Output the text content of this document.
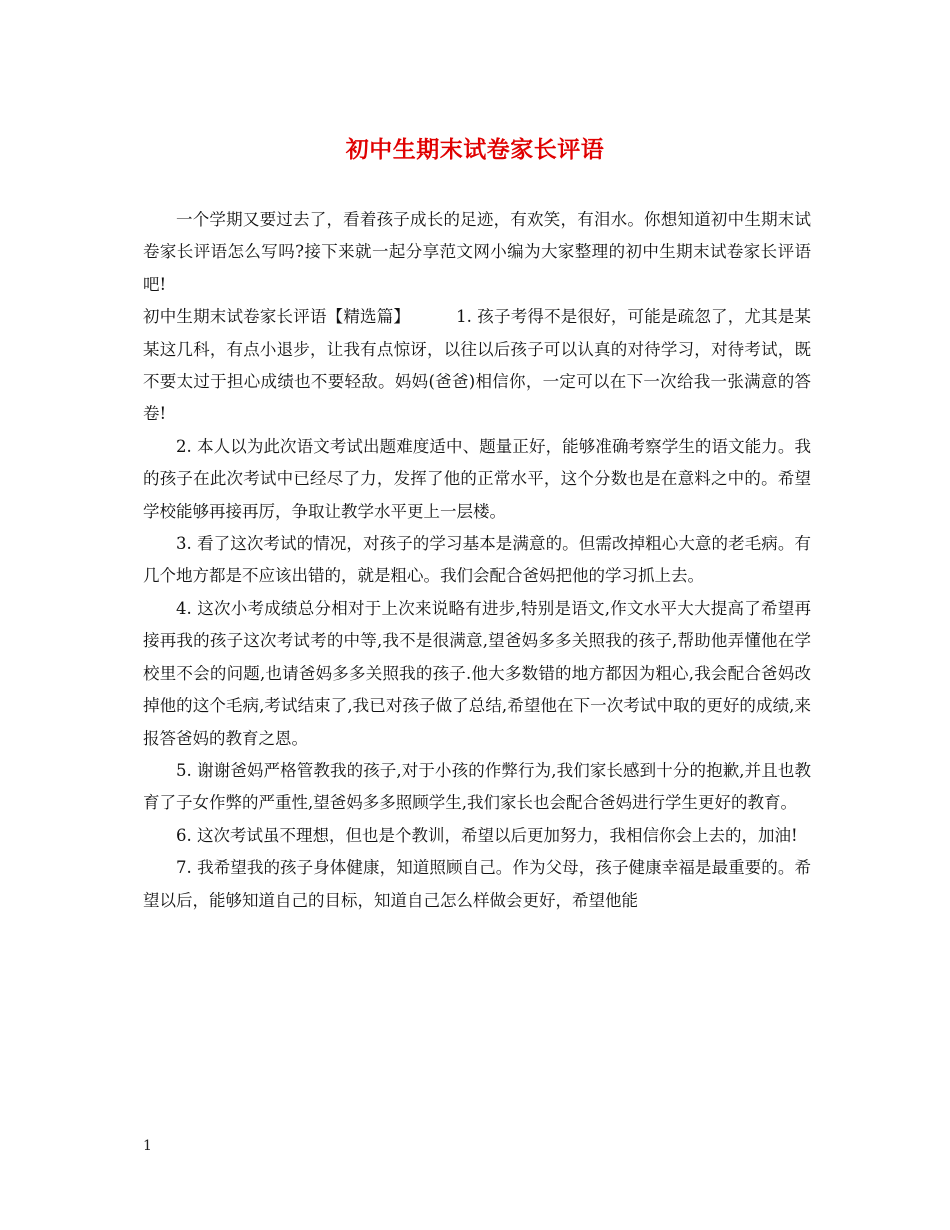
初中生期末试卷家长评语

一个学期又要过去了，看着孩子成长的足迹，有欢笑，有泪水。你想知道初中生期末试卷家长评语怎么写吗?接下来就一起分享范文网小编为大家整理的初中生期末试卷家长评语吧!

初中生期末试卷家长评语【精选篇】	1. 孩子考得不是很好，可能是疏忽了，尤其是某某这几科，有点小退步，让我有点惊讶，以往以后孩子可以认真的对待学习，对待考试，既不要太过于担心成绩也不要轻敌。妈妈(爸爸)相信你，一定可以在下一次给我一张满意的答卷!

2. 本人以为此次语文考试出题难度适中、题量正好，能够准确考察学生的语文能力。我的孩子在此次考试中已经尽了力，发挥了他的正常水平，这个分数也是在意料之中的。希望学校能够再接再厉，争取让教学水平更上一层楼。

3. 看了这次考试的情况，对孩子的学习基本是满意的。但需改掉粗心大意的老毛病。有几个地方都是不应该出错的，就是粗心。我们会配合爸妈把他的学习抓上去。

4. 这次小考成绩总分相对于上次来说略有进步,特别是语文,作文水平大大提高了希望再接再我的孩子这次考试考的中等,我不是很满意,望爸妈多多关照我的孩子,帮助他弄懂他在学校里不会的问题,也请爸妈多多关照我的孩子.他大多数错的地方都因为粗心,我会配合爸妈改掉他的这个毛病,考试结束了,我已对孩子做了总结,希望他在下一次考试中取的更好的成绩,来报答爸妈的教育之恩。

5. 谢谢爸妈严格管教我的孩子,对于小孩的作弊行为,我们家长感到十分的抱歉,并且也教育了子女作弊的严重性,望爸妈多多照顾学生,我们家长也会配合爸妈进行学生更好的教育。

6. 这次考试虽不理想，但也是个教训，希望以后更加努力，我相信你会上去的，加油!

7. 我希望我的孩子身体健康，知道照顾自己。作为父母，孩子健康幸福是最重要的。希望以后，能够知道自己的目标，知道自己怎么样做会更好，希望他能

1
